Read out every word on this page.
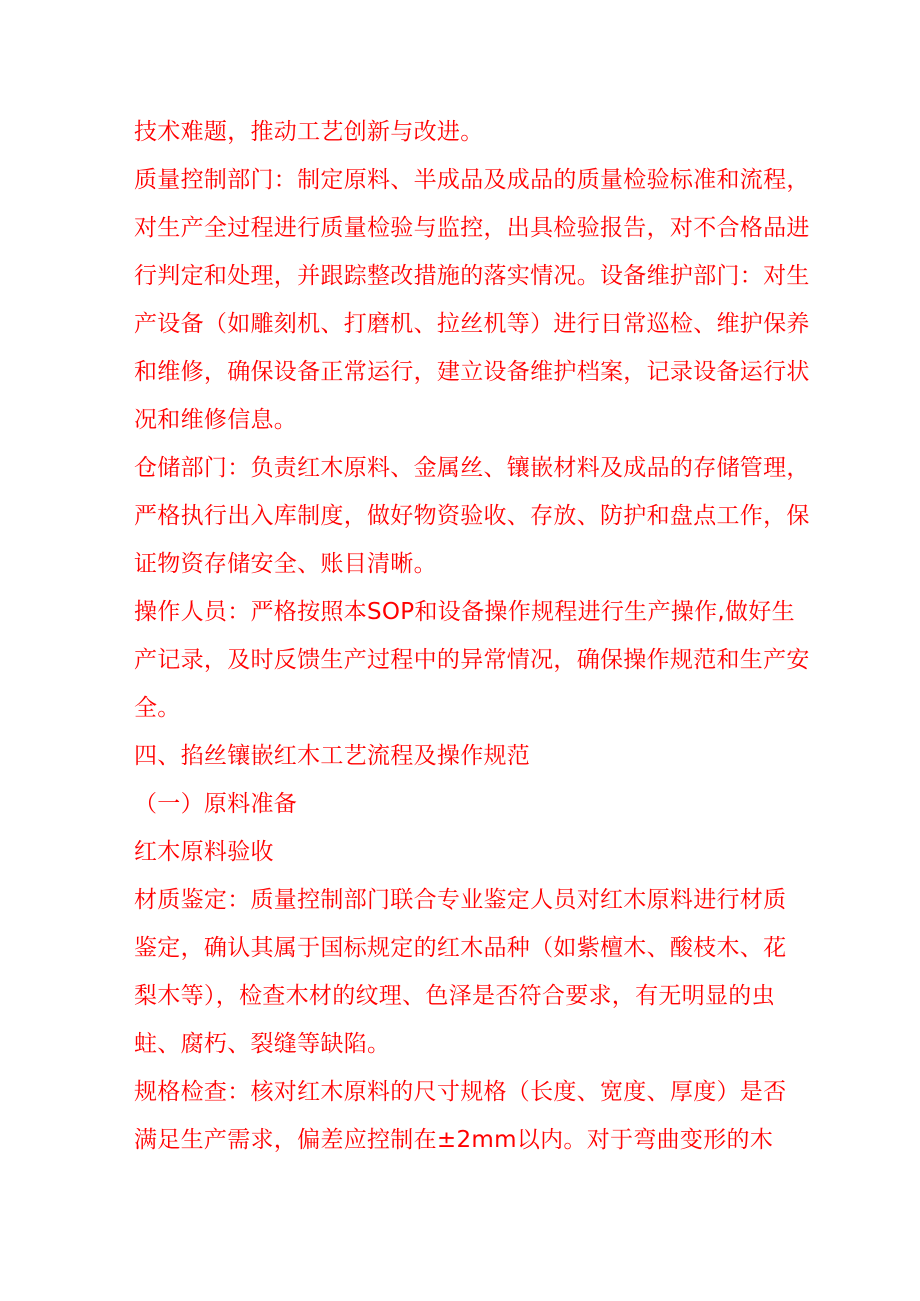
技术难题，推动工艺创新与改进。

质量控制部门：制定原料、半成品及成品的质量检验标准和流程，
对生产全过程进行质量检验与监控，出具检验报告，对不合格品进
行判定和处理，并跟踪整改措施的落实情况。设备维护部门：对生
产设备（如雕刻机、打磨机、拉丝机等）进行日常巡检、维护保养
和维修，确保设备正常运行，建立设备维护档案，记录设备运行状
况和维修信息。

仓储部门：负责红木原料、金属丝、镶嵌材料及成品的存储管理，
严格执行出入库制度，做好物资验收、存放、防护和盘点工作，保
证物资存储安全、账目清晰。

操作人员：严格按照本SOP和设备操作规程进行生产操作,做好生
产记录，及时反馈生产过程中的异常情况，确保操作规范和生产安
全。

四、掐丝镶嵌红木工艺流程及操作规范

（一）原料准备

红木原料验收

材质鉴定：质量控制部门联合专业鉴定人员对红木原料进行材质
鉴定，确认其属于国标规定的红木品种（如紫檀木、酸枝木、花
梨木等），检查木材的纹理、色泽是否符合要求，有无明显的虫
蛀、腐朽、裂缝等缺陷。

规格检查：核对红木原料的尺寸规格（长度、宽度、厚度）是否
满足生产需求，偏差应控制在±2mm以内。对于弯曲变形的木
